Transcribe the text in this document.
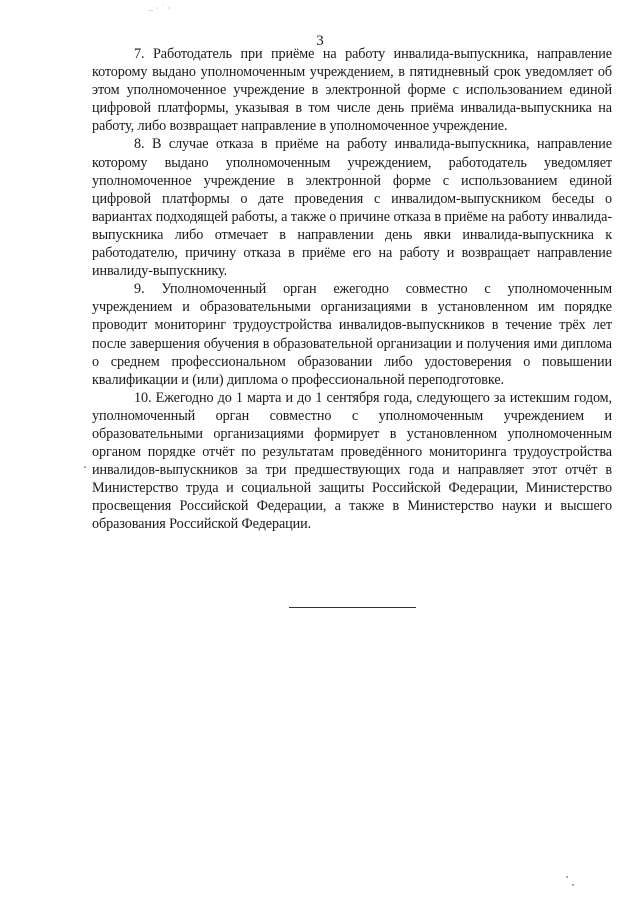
‥ · ˙ ·
3

7. Работодатель при приёме на работу инвалида-выпускника, направление которому выдано уполномоченным учреждением, в пятидневный срок уведомляет об этом уполномоченное учреждение в электронной форме с использованием единой цифровой платформы, указывая в том числе день приёма инвалида-выпускника на работу, либо возвращает направление в уполномоченное учреждение.

8. В случае отказа в приёме на работу инвалида-выпускника, направление которому выдано уполномоченным учреждением, работодатель уведомляет уполномоченное учреждение в электронной форме с использованием единой цифровой платформы о дате проведения с инвалидом-выпускником беседы о вариантах подходящей работы, а также о причине отказа в приёме на работу инвалида-выпускника либо отмечает в направлении день явки инвалида-выпускника к работодателю, причину отказа в приёме его на работу и возвращает направление инвалиду-выпускнику.

9. Уполномоченный орган ежегодно совместно с уполномоченным учреждением и образовательными организациями в установленном им порядке проводит мониторинг трудоустройства инвалидов-выпускников в течение трёх лет после завершения обучения в образовательной организации и получения ими диплома о среднем профессиональном образовании либо удостоверения о повышении квалификации и (или) диплома о профессиональной переподготовке.

10. Ежегодно до 1 марта и до 1 сентября года, следующего за истекшим годом, уполномоченный орган совместно с уполномоченным учреждением и образовательными организациями формирует в установленном уполномоченным органом порядке отчёт по результатам проведённого мониторинга трудоустройства инвалидов-выпускников за три предшествующих года и направляет этот отчёт в Министерство труда и социальной защиты Российской Федерации, Министерство просвещения Российской Федерации, а также в Министерство науки и высшего образования Российской Федерации.
